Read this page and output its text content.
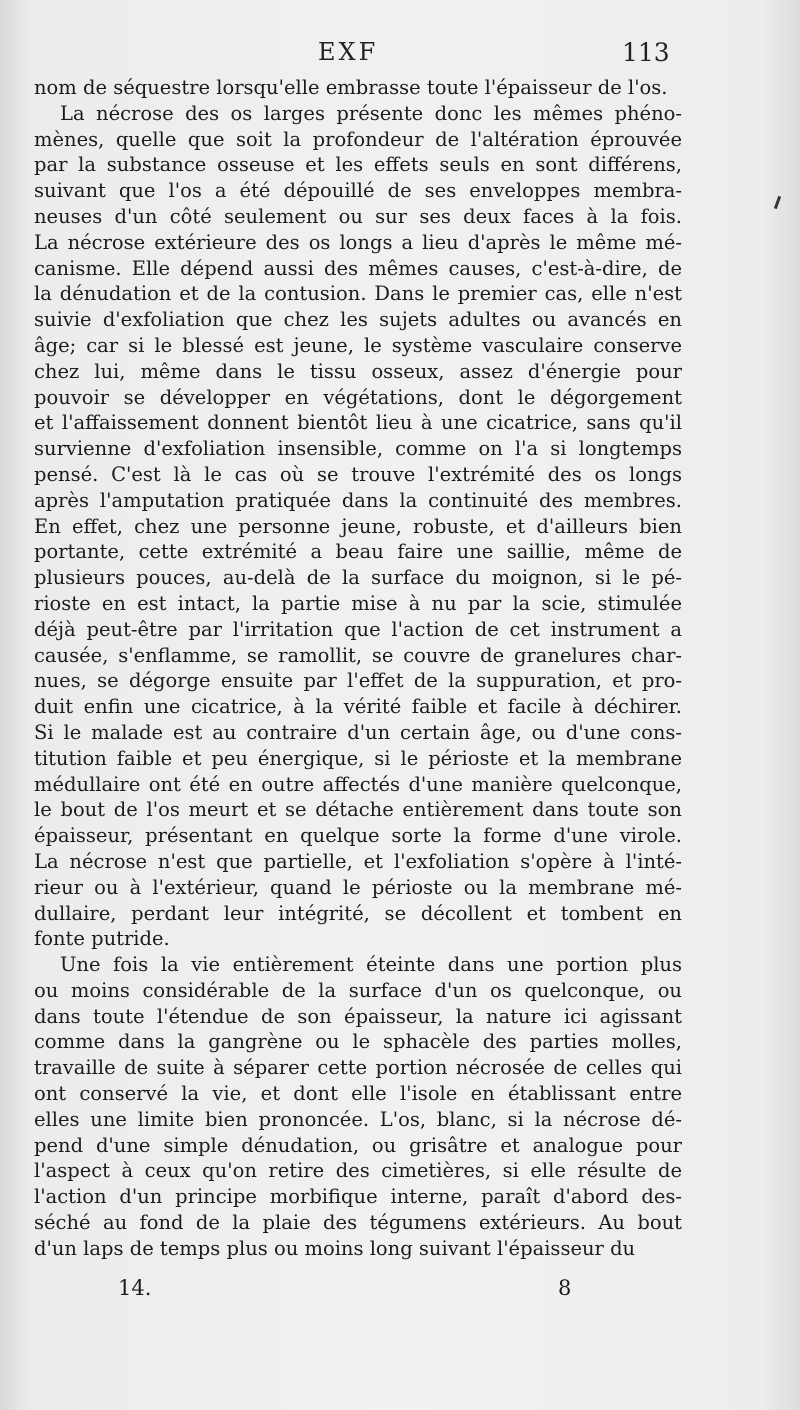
EXF	113
nom de séquestre lorsqu'elle embrasse toute l'épaisseur de l'os.
La nécrose des os larges présente donc les mêmes phéno-
mènes, quelle que soit la profondeur de l'altération éprouvée
par la substance osseuse et les effets seuls en sont différens,
suivant que l'os a été dépouillé de ses enveloppes membra-
neuses d'un côté seulement ou sur ses deux faces à la fois.
La nécrose extérieure des os longs a lieu d'après le même mé-
canisme. Elle dépend aussi des mêmes causes, c'est-à-dire, de
la dénudation et de la contusion. Dans le premier cas, elle n'est
suivie d'exfoliation que chez les sujets adultes ou avancés en
âge; car si le blessé est jeune, le système vasculaire conserve
chez lui, même dans le tissu osseux, assez d'énergie pour
pouvoir se développer en végétations, dont le dégorgement
et l'affaissement donnent bientôt lieu à une cicatrice, sans qu'il
survienne d'exfoliation insensible, comme on l'a si longtemps
pensé. C'est là le cas où se trouve l'extrémité des os longs
après l'amputation pratiquée dans la continuité des membres.
En effet, chez une personne jeune, robuste, et d'ailleurs bien
portante, cette extrémité a beau faire une saillie, même de
plusieurs pouces, au-delà de la surface du moignon, si le pé-
rioste en est intact, la partie mise à nu par la scie, stimulée
déjà peut-être par l'irritation que l'action de cet instrument a
causée, s'enflamme, se ramollit, se couvre de granelures char-
nues, se dégorge ensuite par l'effet de la suppuration, et pro-
duit enfin une cicatrice, à la vérité faible et facile à déchirer.
Si le malade est au contraire d'un certain âge, ou d'une cons-
titution faible et peu énergique, si le périoste et la membrane
médullaire ont été en outre affectés d'une manière quelconque,
le bout de l'os meurt et se détache entièrement dans toute son
épaisseur, présentant en quelque sorte la forme d'une virole.
La nécrose n'est que partielle, et l'exfoliation s'opère à l'inté-
rieur ou à l'extérieur, quand le périoste ou la membrane mé-
dullaire, perdant leur intégrité, se décollent et tombent en
fonte putride.
Une fois la vie entièrement éteinte dans une portion plus
ou moins considérable de la surface d'un os quelconque, ou
dans toute l'étendue de son épaisseur, la nature ici agissant
comme dans la gangrène ou le sphacèle des parties molles,
travaille de suite à séparer cette portion nécrosée de celles qui
ont conservé la vie, et dont elle l'isole en établissant entre
elles une limite bien prononcée. L'os, blanc, si la nécrose dé-
pend d'une simple dénudation, ou grisâtre et analogue pour
l'aspect à ceux qu'on retire des cimetières, si elle résulte de
l'action d'un principe morbifique interne, paraît d'abord des-
séché au fond de la plaie des tégumens extérieurs. Au bout
d'un laps de temps plus ou moins long suivant l'épaisseur du
14.	8
